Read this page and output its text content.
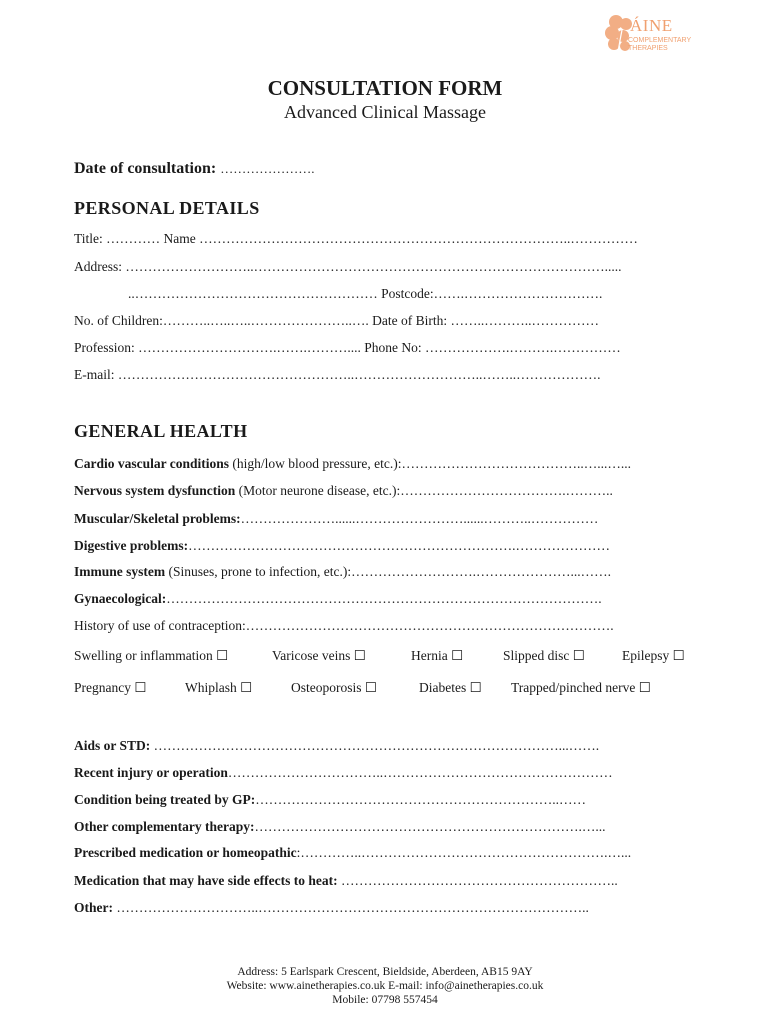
ÁINE
COMPLEMENTARY
THERAPIES
CONSULTATION FORM
Advanced Clinical Massage
Date of consultation: ………………….
PERSONAL DETAILS
Title: ………… Name ………………………………………………………………………..……………
Address: ………………………..…………………………………………………………………….....
..……………………………………………… Postcode:…….………………………….
No. of Children:………..…..…..…………………..…. Date of Birth: ……..………..……………
Profession: ………………………….…….……….... Phone No: ……………….……….……………
E-mail: ……………………………………………..………………………..……..……………….
GENERAL HEALTH
Cardio vascular conditions (high/low blood pressure, etc.):…………………………………..…...…...
Nervous system dysfunction (Motor neurone disease, etc.):……………………………….………..
Muscular/Skeletal problems:…………………......……………………......………..……………
Digestive problems:……………………………………………………………….…………………
Immune system (Sinuses, prone to infection, etc.):……………………….…………………...…….
Gynaecological:…………………………………………………………………………………….
History of use of contraception:……………………………………………………………………….
Swelling or inflammation ☐	Varicose veins ☐	Hernia ☐	Slipped disc ☐	Epilepsy ☐
Pregnancy ☐	Whiplash ☐	Osteoporosis ☐	Diabetes ☐ Trapped/pinched nerve ☐
Aids or STD: ………………………………………………………………………………...…….
Recent injury or operation……………………………..……………………………………………
Condition being treated by GP:…………………………………………………………..……
Other complementary therapy:……………………………………………………………….…...
Prescribed medication or homeopathic:…………..……………………………………………….…...
Medication that may have side effects to heat: ……………………………………………………..
Other: …………………………..………………………………………………………………..
Address: 5 Earlspark Crescent, Bieldside, Aberdeen, AB15 9AY
Website: www.ainetherapies.co.uk E-mail: info@ainetherapies.co.uk
Mobile: 07798 557454
